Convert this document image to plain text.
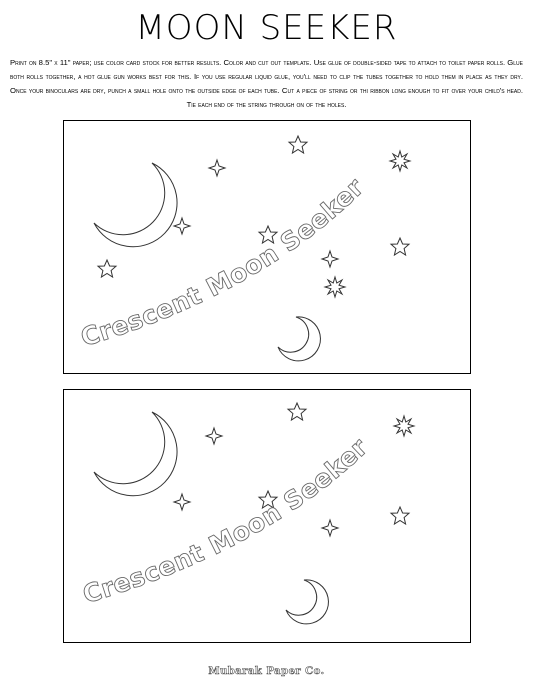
MOON SEEKER
Print on 8.5" x 11" paper; use color card stock for better results. Color and cut out template. Use glue of double-sided tape to attach to toilet paper rolls. Glue both rolls together, a hot glue gun works best for this. If you use regular liquid glue, you'll need to clip the tubes together to hold them in place as they dry. Once your binoculars are dry, punch a small hole onto the outside edge of each tube. Cut a piece of string or thi ribbon long enough to fit over your child's head. Tie each end of the string through on of the holes.
Crescent Moon Seeker
Crescent Moon Seeker
Mubarak Paper Co.
